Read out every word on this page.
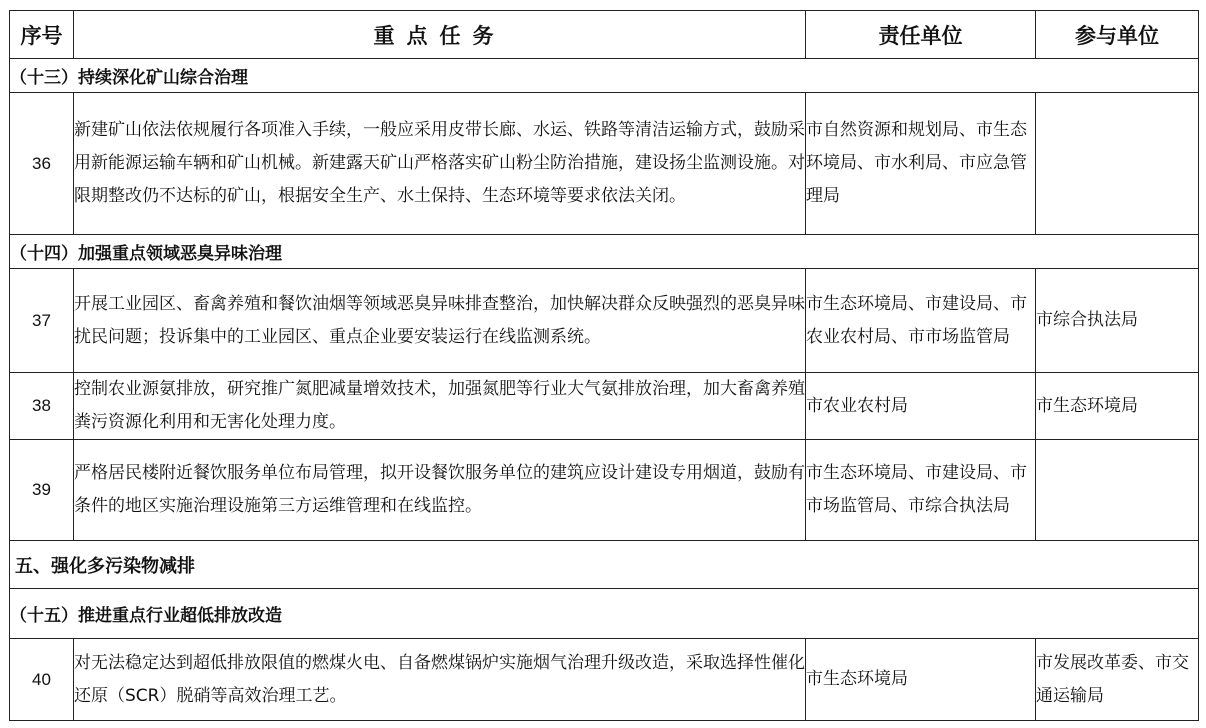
序号	重点任务	责任单位	参与单位
（十三）持续深化矿山综合治理			
36	新建矿山依法依规履行各项准入手续，一般应采用皮带长廊、水运、铁路等清洁运输方式，鼓励采用新能源运输车辆和矿山机械。新建露天矿山严格落实矿山粉尘防治措施，建设扬尘监测设施。对限期整改仍不达标的矿山，根据安全生产、水土保持、生态环境等要求依法关闭。	市自然资源和规划局、市生态环境局、市水利局、市应急管理局	
（十四）加强重点领域恶臭异味治理			
37	开展工业园区、畜禽养殖和餐饮油烟等领域恶臭异味排查整治，加快解决群众反映强烈的恶臭异味扰民问题；投诉集中的工业园区、重点企业要安装运行在线监测系统。	市生态环境局、市建设局、市农业农村局、市市场监管局	市综合执法局
38	控制农业源氨排放，研究推广氮肥减量增效技术，加强氮肥等行业大气氨排放治理，加大畜禽养殖粪污资源化利用和无害化处理力度。	市农业农村局	市生态环境局
39	严格居民楼附近餐饮服务单位布局管理，拟开设餐饮服务单位的建筑应设计建设专用烟道，鼓励有条件的地区实施治理设施第三方运维管理和在线监控。	市生态环境局、市建设局、市市场监管局、市综合执法局	
五、强化多污染物减排			
（十五）推进重点行业超低排放改造			
40	对无法稳定达到超低排放限值的燃煤火电、自备燃煤锅炉实施烟气治理升级改造，采取选择性催化还原（SCR）脱硝等高效治理工艺。	市生态环境局	市发展改革委、市交通运输局
